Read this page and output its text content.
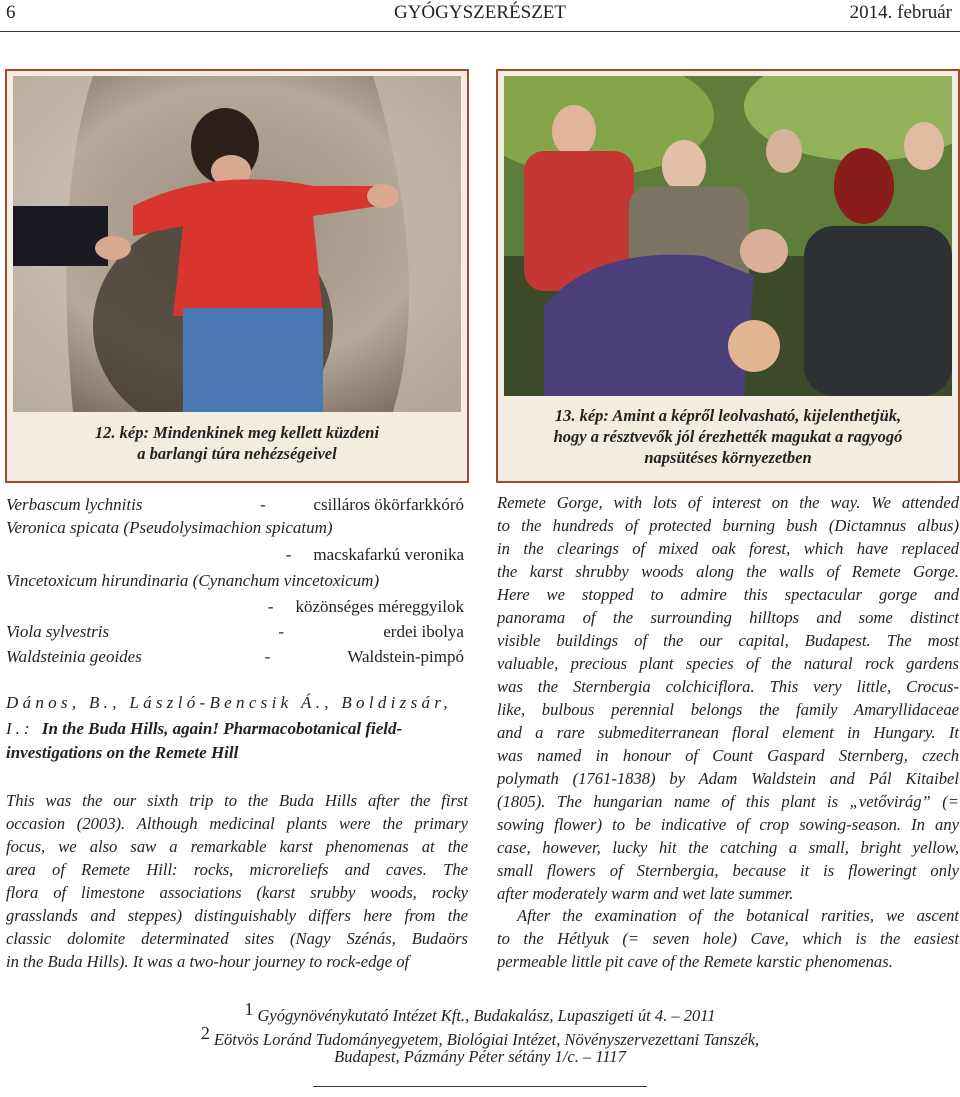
6	GYÓGYSZERÉSZET	2014. február
12. kép: Mindenkinek meg kellett küzdeni
a barlangi túra nehézségeivel
13. kép: Amint a képről leolvasható, kijelenthetjük,
hogy a résztvevők jól érezhették magukat a ragyogó
napsütéses környezetben
Verbascum lychnitis	-	csilláros ökörfarkkóró
Veronica spicata (Pseudolysimachion spicatum)
- macskafarkú veronika
Vincetoxicum hirundinaria (Cynanchum vincetoxicum)
- közönséges méreggyilok
Viola sylvestris	-	erdei ibolya
Waldsteinia geoides	-	Waldstein-pimpó
Dános, B., László-Bencsik Á., Boldizsár,
I.: In the Buda Hills, again! Pharmacobotanical field-
investigations on the Remete Hill
This was the our sixth trip to the Buda Hills after the first
occasion (2003). Although medicinal plants were the primary
focus, we also saw a remarkable karst phenomenas at the
area of Remete Hill: rocks, microreliefs and caves. The
flora of limestone associations (karst srubby woods, rocky
grasslands and steppes) distinguishably differs here from the
classic dolomite determinated sites (Nagy Szénás, Budaörs
in the Buda Hills). It was a two-hour journey to rock-edge of
Remete Gorge, with lots of interest on the way. We attended
to the hundreds of protected burning bush (Dictamnus albus)
in the clearings of mixed oak forest, which have replaced
the karst shrubby woods along the walls of Remete Gorge.
Here we stopped to admire this spectacular gorge and
panorama of the surrounding hilltops and some distinct
visible buildings of the our capital, Budapest. The most
valuable, precious plant species of the natural rock gardens
was the Sternbergia colchiciflora. This very little, Crocus-
like, bulbous perennial belongs the family Amaryllidaceae
and a rare submediterranean floral element in Hungary. It
was named in honour of Count Gaspard Sternberg, czech
polymath (1761-1838) by Adam Waldstein and Pál Kitaibel
(1805). The hungarian name of this plant is „vetővirág” (=
sowing flower) to be indicative of crop sowing-season. In any
case, however, lucky hit the catching a small, bright yellow,
small flowers of Sternbergia, because it is floweringt only
after moderately warm and wet late summer.
After the examination of the botanical rarities, we ascent
to the Hétlyuk (= seven hole) Cave, which is the easiest
permeable little pit cave of the Remete karstic phenomenas.
1 Gyógynövénykutató Intézet Kft., Budakalász, Lupaszigeti út 4. – 2011
2 Eötvös Loránd Tudományegyetem, Biológiai Intézet, Növényszervezettani Tanszék,
Budapest, Pázmány Péter sétány 1/c. – 1117
